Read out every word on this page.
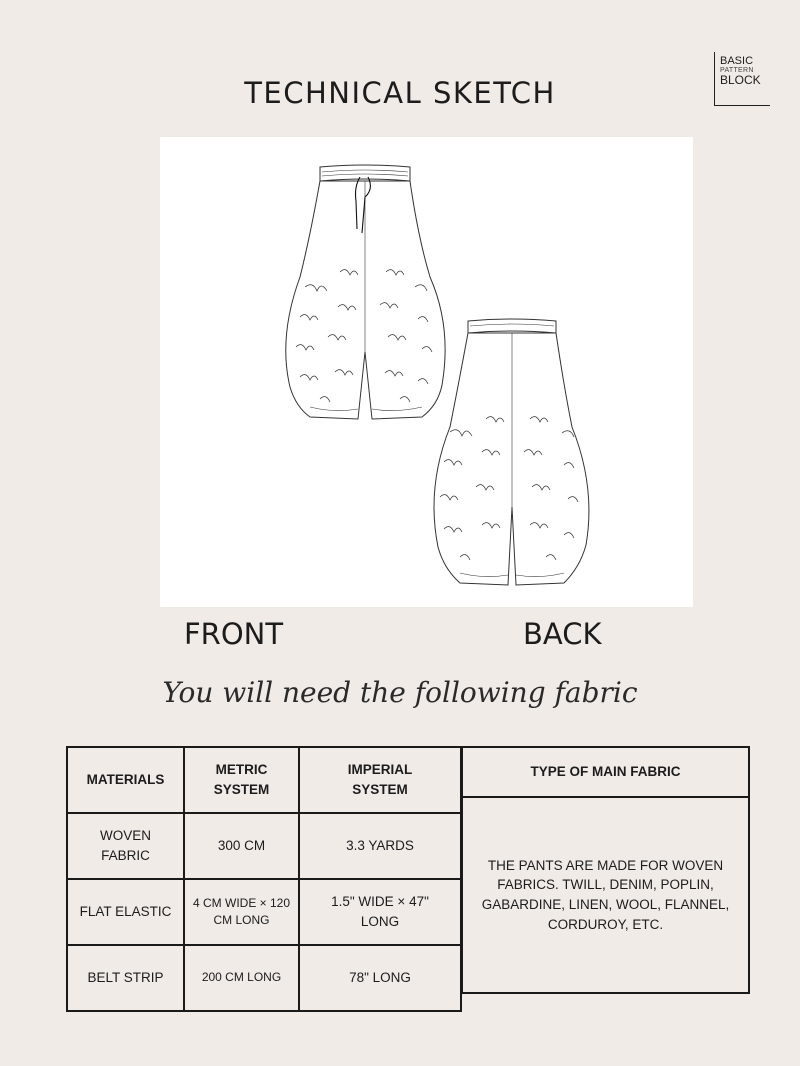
TECHNICAL SKETCH
BASIC
PATTERN
BLOCK
FRONT	BACK
You will need the following fabric
MATERIALS	METRIC SYSTEM	IMPERIAL SYSTEM
WOVEN FABRIC	300 CM	3.3 YARDS
FLAT ELASTIC	4 CM WIDE × 120 CM LONG	1.5" WIDE × 47" LONG
BELT STRIP	200 CM LONG	78" LONG
TYPE OF MAIN FABRIC
THE PANTS ARE MADE FOR WOVEN FABRICS. TWILL, DENIM, POPLIN, GABARDINE, LINEN, WOOL, FLANNEL, CORDUROY, ETC.
